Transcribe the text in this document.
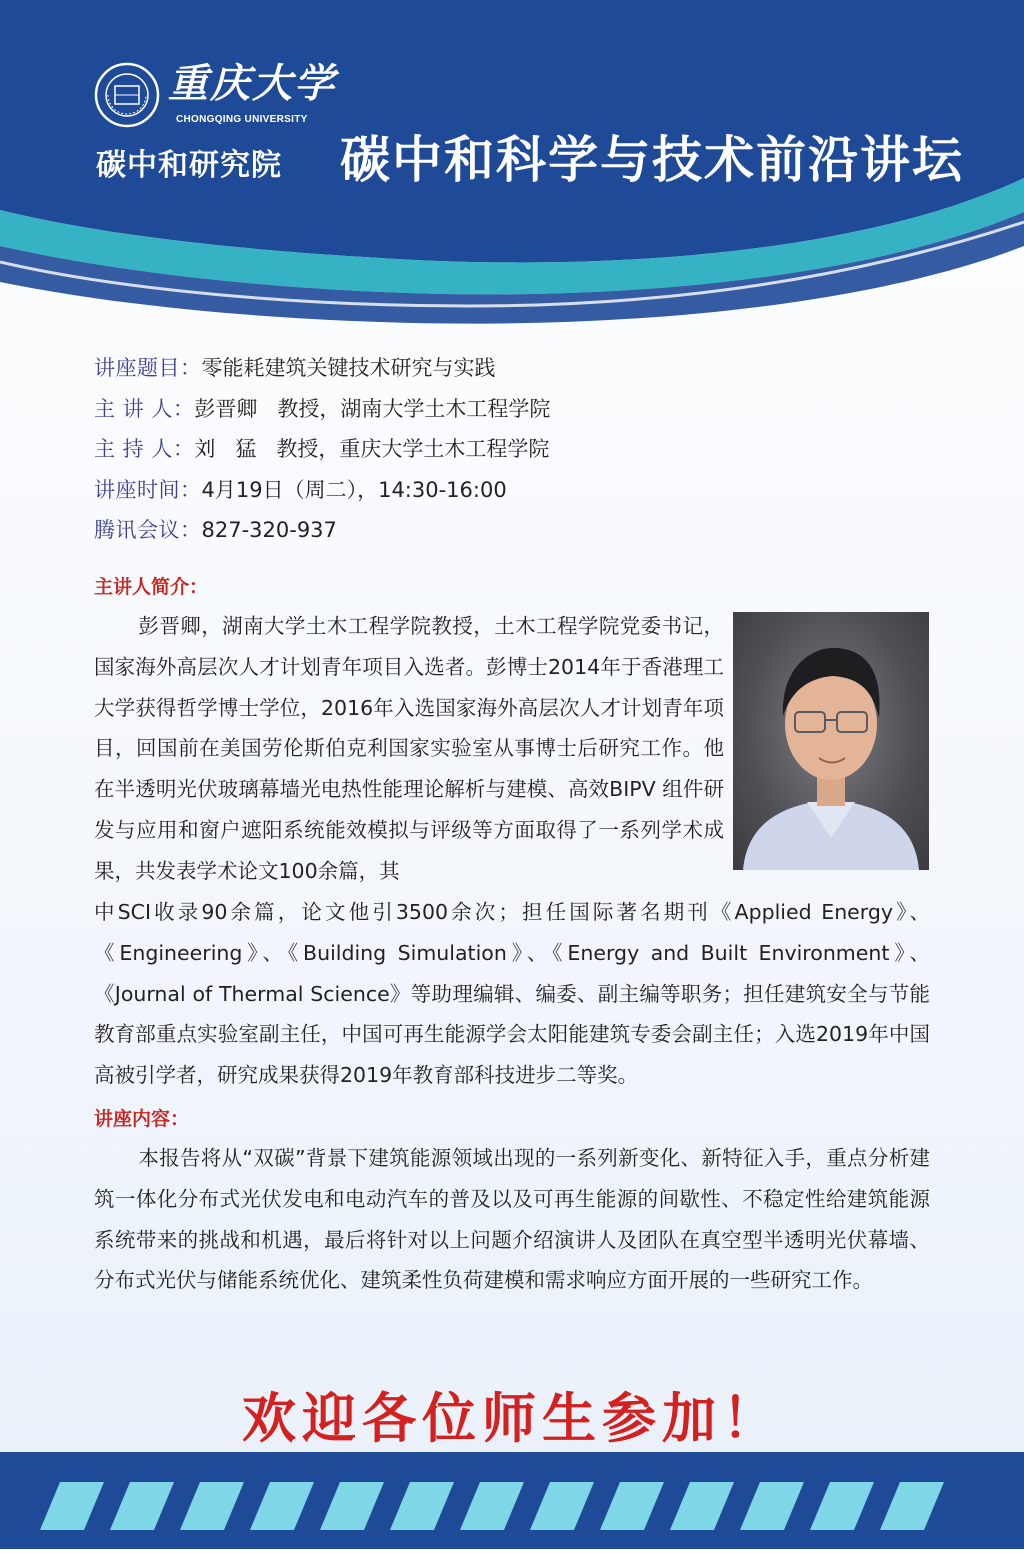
重庆大学
CHONGQING UNIVERSITY
碳中和研究院 碳中和科学与技术前沿讲坛
讲座题目：零能耗建筑关键技术研究与实践
主 讲 人：彭晋卿   教授，湖南大学土木工程学院
主 持 人：刘   猛   教授，重庆大学土木工程学院
讲座时间：4月19日（周二），14:30-16:00
腾讯会议：827-320-937
主讲人简介：

彭晋卿，湖南大学土木工程学院教授，土木工程学院党委书记，国家海外高层次人才计划青年项目入选者。彭博士2014年于香港理工大学获得哲学博士学位，2016年入选国家海外高层次人才计划青年项目，回国前在美国劳伦斯伯克利国家实验室从事博士后研究工作。他在半透明光伏玻璃幕墙光电热性能理论解析与建模、高效BIPV 组件研发与应用和窗户遮阳系统能效模拟与评级等方面取得了一系列学术成果，共发表学术论文100余篇，其

中SCI收录90余篇，论文他引3500余次；担任国际著名期刊《Applied Energy》、《Engineering》、《Building Simulation》、《Energy and Built Environment》、《Journal of Thermal Science》等助理编辑、编委、副主编等职务；担任建筑安全与节能教育部重点实验室副主任，中国可再生能源学会太阳能建筑专委会副主任；入选2019年中国高被引学者，研究成果获得2019年教育部科技进步二等奖。

讲座内容：

本报告将从“双碳”背景下建筑能源领域出现的一系列新变化、新特征入手，重点分析建筑一体化分布式光伏发电和电动汽车的普及以及可再生能源的间歇性、不稳定性给建筑能源系统带来的挑战和机遇，最后将针对以上问题介绍演讲人及团队在真空型半透明光伏幕墙、分布式光伏与储能系统优化、建筑柔性负荷建模和需求响应方面开展的一些研究工作。

欢迎各位师生参加！
